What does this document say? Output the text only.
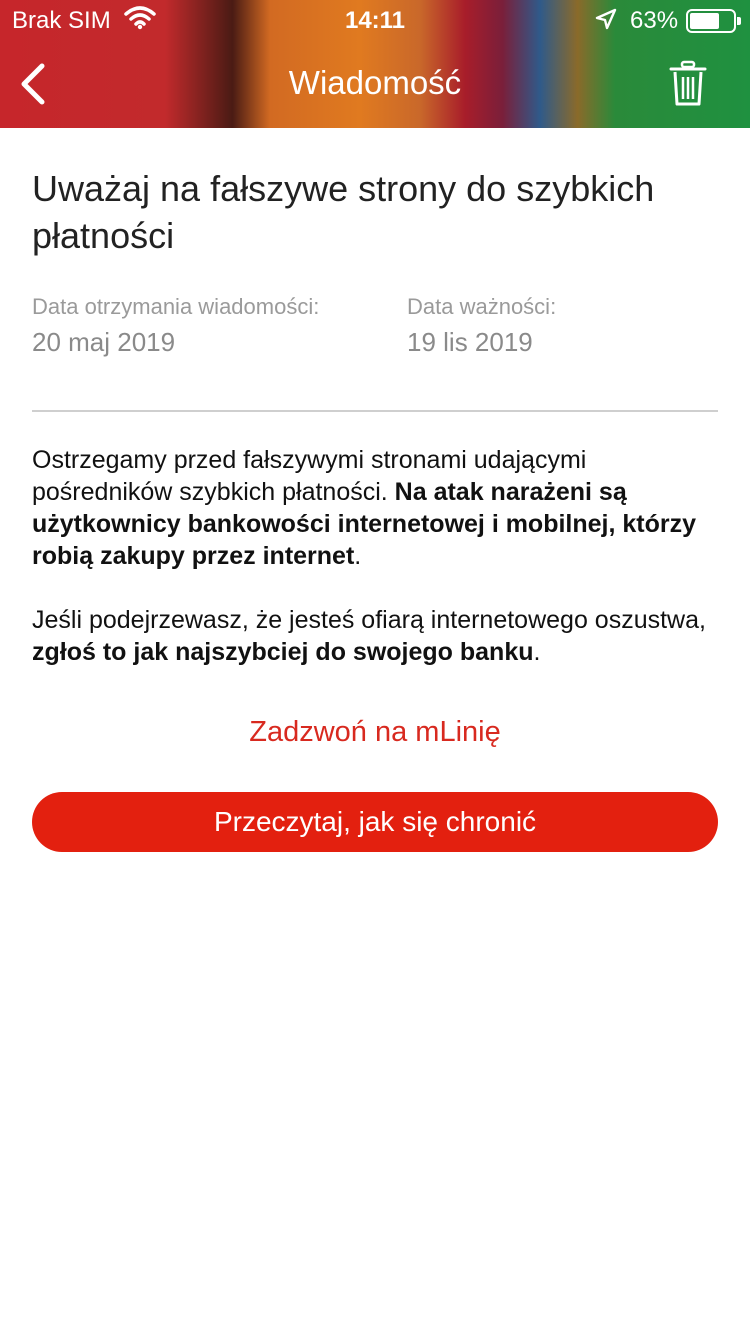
Brak SIM	14:11	63%
Wiadomość
Uważaj na fałszywe strony do szybkich płatności
Data otrzymania wiadomości:
20 maj 2019
Data ważności:
19 lis 2019

Ostrzegamy przed fałszywymi stronami udającymi pośredników szybkich płatności. Na atak narażeni są użytkownicy bankowości internetowej i mobilnej, którzy robią zakupy przez internet.

Jeśli podejrzewasz, że jesteś ofiarą internetowego oszustwa, zgłoś to jak najszybciej do swojego banku.

Zadzwoń na mLinię
Przeczytaj, jak się chronić
